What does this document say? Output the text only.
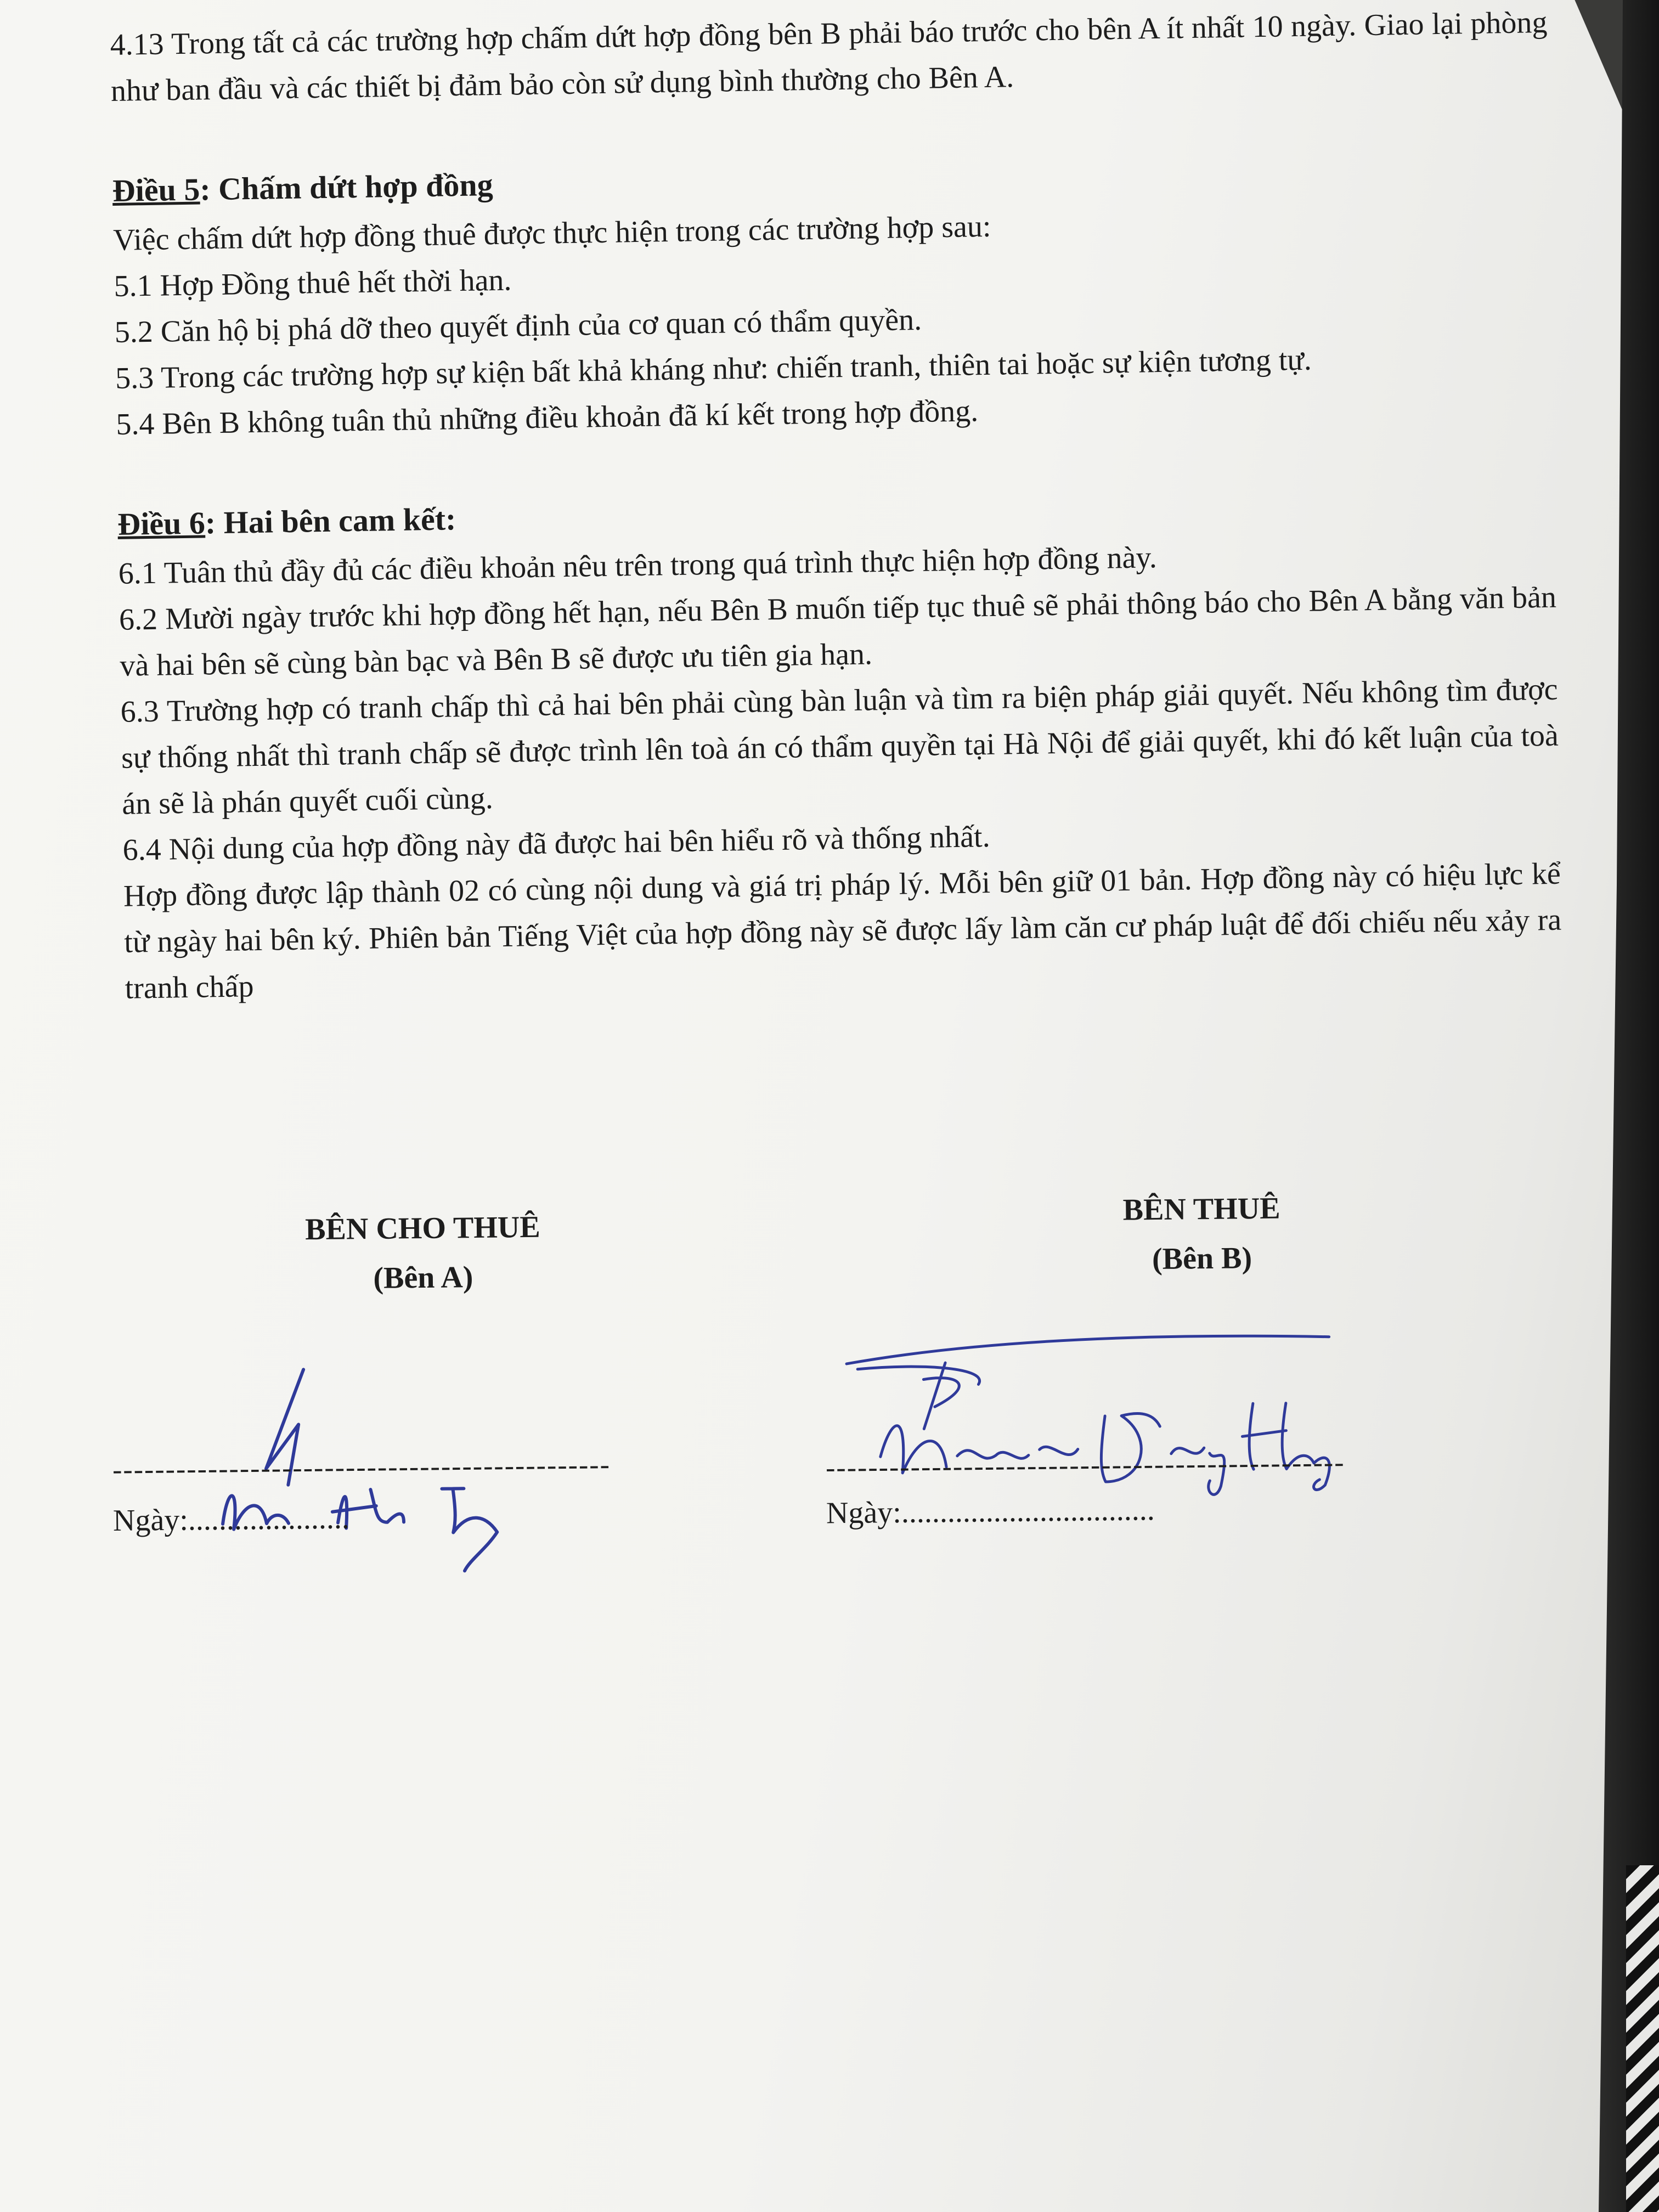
4.13 Trong tất cả các trường hợp chấm dứt hợp đồng bên B phải báo trước cho bên A ít nhất 10 ngày. Giao lại phòng như ban đầu và các thiết bị đảm bảo còn sử dụng bình thường cho Bên A.

Điều 5: Chấm dứt hợp đồng

Việc chấm dứt hợp đồng thuê được thực hiện trong các trường hợp sau:

5.1 Hợp Đồng thuê hết thời hạn.

5.2 Căn hộ bị phá dỡ theo quyết định của cơ quan có thẩm quyền.

5.3 Trong các trường hợp sự kiện bất khả kháng như: chiến tranh, thiên tai hoặc sự kiện tương tự.

5.4 Bên B không tuân thủ những điều khoản đã kí kết trong hợp đồng.

Điều 6: Hai bên cam kết:

6.1 Tuân thủ đầy đủ các điều khoản nêu trên trong quá trình thực hiện hợp đồng này.

6.2 Mười ngày trước khi hợp đồng hết hạn, nếu Bên B muốn tiếp tục thuê sẽ phải thông báo cho Bên A bằng văn bản và hai bên sẽ cùng bàn bạc và Bên B sẽ được ưu tiên gia hạn.

6.3 Trường hợp có tranh chấp thì cả hai bên phải cùng bàn luận và tìm ra biện pháp giải quyết. Nếu không tìm được sự thống nhất thì tranh chấp sẽ được trình lên toà án có thẩm quyền tại Hà Nội để giải quyết, khi đó kết luận của toà án sẽ là phán quyết cuối cùng.

6.4 Nội dung của hợp đồng này đã được hai bên hiểu rõ và thống nhất.

Hợp đồng được lập thành 02 có cùng nội dung và giá trị pháp lý. Mỗi bên giữ 01 bản. Hợp đồng này có hiệu lực kể từ ngày hai bên ký. Phiên bản Tiếng Việt của hợp đồng này sẽ được lấy làm căn cư pháp luật để đối chiếu nếu xảy ra tranh chấp

BÊN CHO THUÊ
(Bên A)
BÊN THUÊ
(Bên B)
-----------------------------------------------
Ngày:.....................
-------------------------------------------------
Ngày:.................................
